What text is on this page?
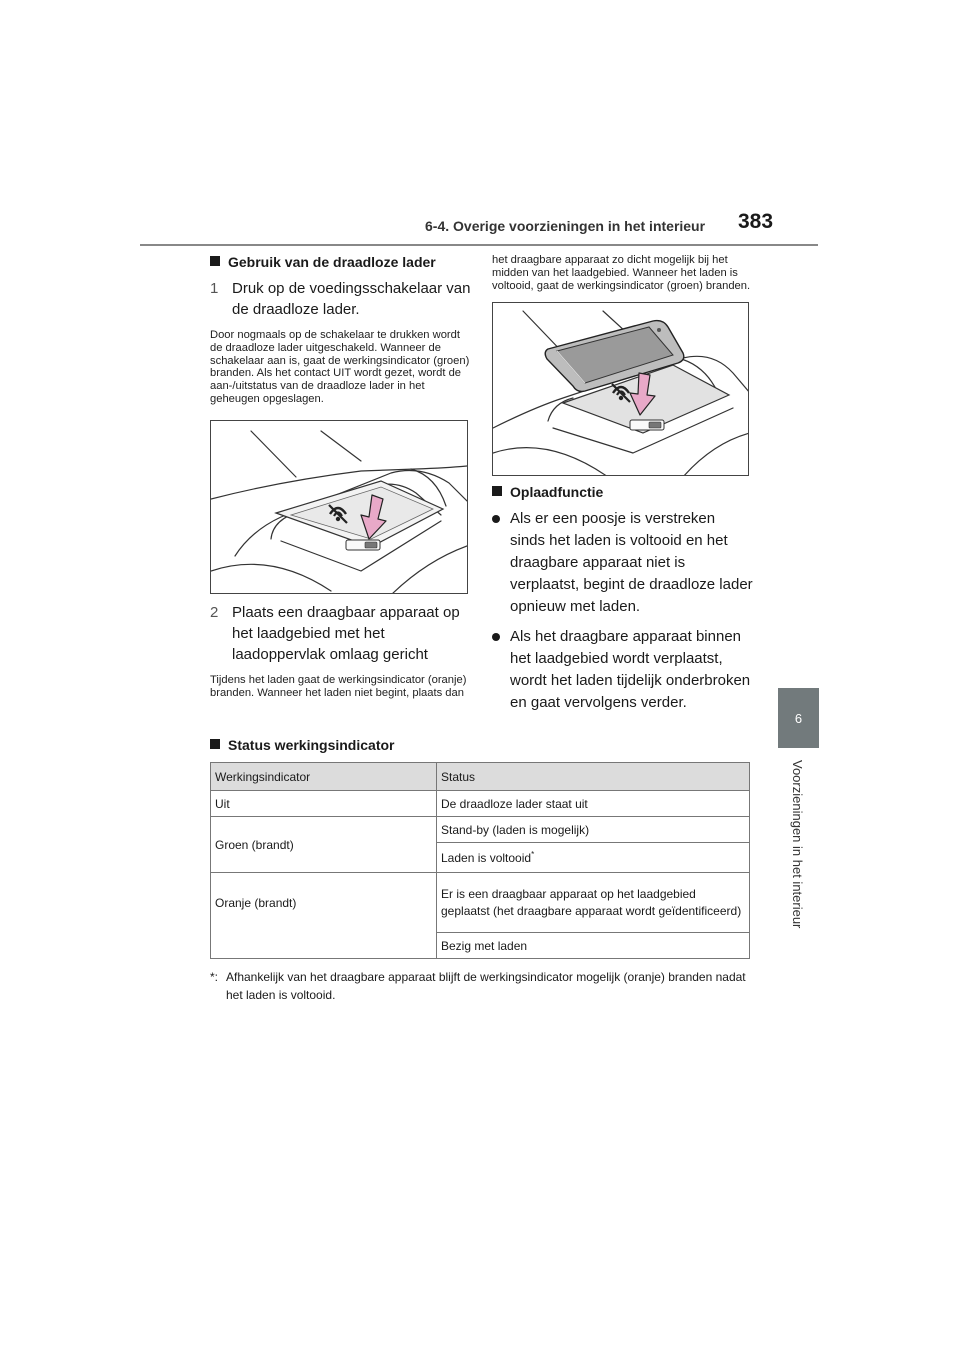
6-4. Overige voorzieningen in het interieur 383
6
Voorzieningen in het interieur
Gebruik van de draadloze lader
1 Druk op de voedingsschakelaar van de draadloze lader.

Door nogmaals op de schakelaar te drukken wordt de draadloze lader uitgeschakeld. Wanneer de schakelaar aan is, gaat de werkingsindicator (groen) branden. Als het contact UIT wordt gezet, wordt de aan-/uitstatus van de draadloze lader in het geheugen opgeslagen.

2 Plaats een draagbaar apparaat op het laadgebied met het laadoppervlak omlaag gericht

Tijdens het laden gaat de werkingsindicator (oranje) branden. Wanneer het laden niet begint, plaats dan

het draagbare apparaat zo dicht mogelijk bij het midden van het laadgebied. Wanneer het laden is voltooid, gaat de werkingsindicator (groen) branden.

Oplaadfunctie
Als er een poosje is verstreken sinds het laden is voltooid en het draagbare apparaat niet is verplaatst, begint de draadloze lader opnieuw met laden.
Als het draagbare apparaat binnen het laadgebied wordt verplaatst, wordt het laden tijdelijk onderbroken en gaat vervolgens verder.
Status werkingsindicator
Werkingsindicator	Status
Uit	De draadloze lader staat uit
Groen (brandt)	Stand-by (laden is mogelijk)
	Laden is voltooid*
Oranje (brandt)	Er is een draagbaar apparaat op het laadgebied geplaatst (het draagbare apparaat wordt geïdentificeerd)
	Bezig met laden
*: Afhankelijk van het draagbare apparaat blijft de werkingsindicator mogelijk (oranje) branden nadat het laden is voltooid.
